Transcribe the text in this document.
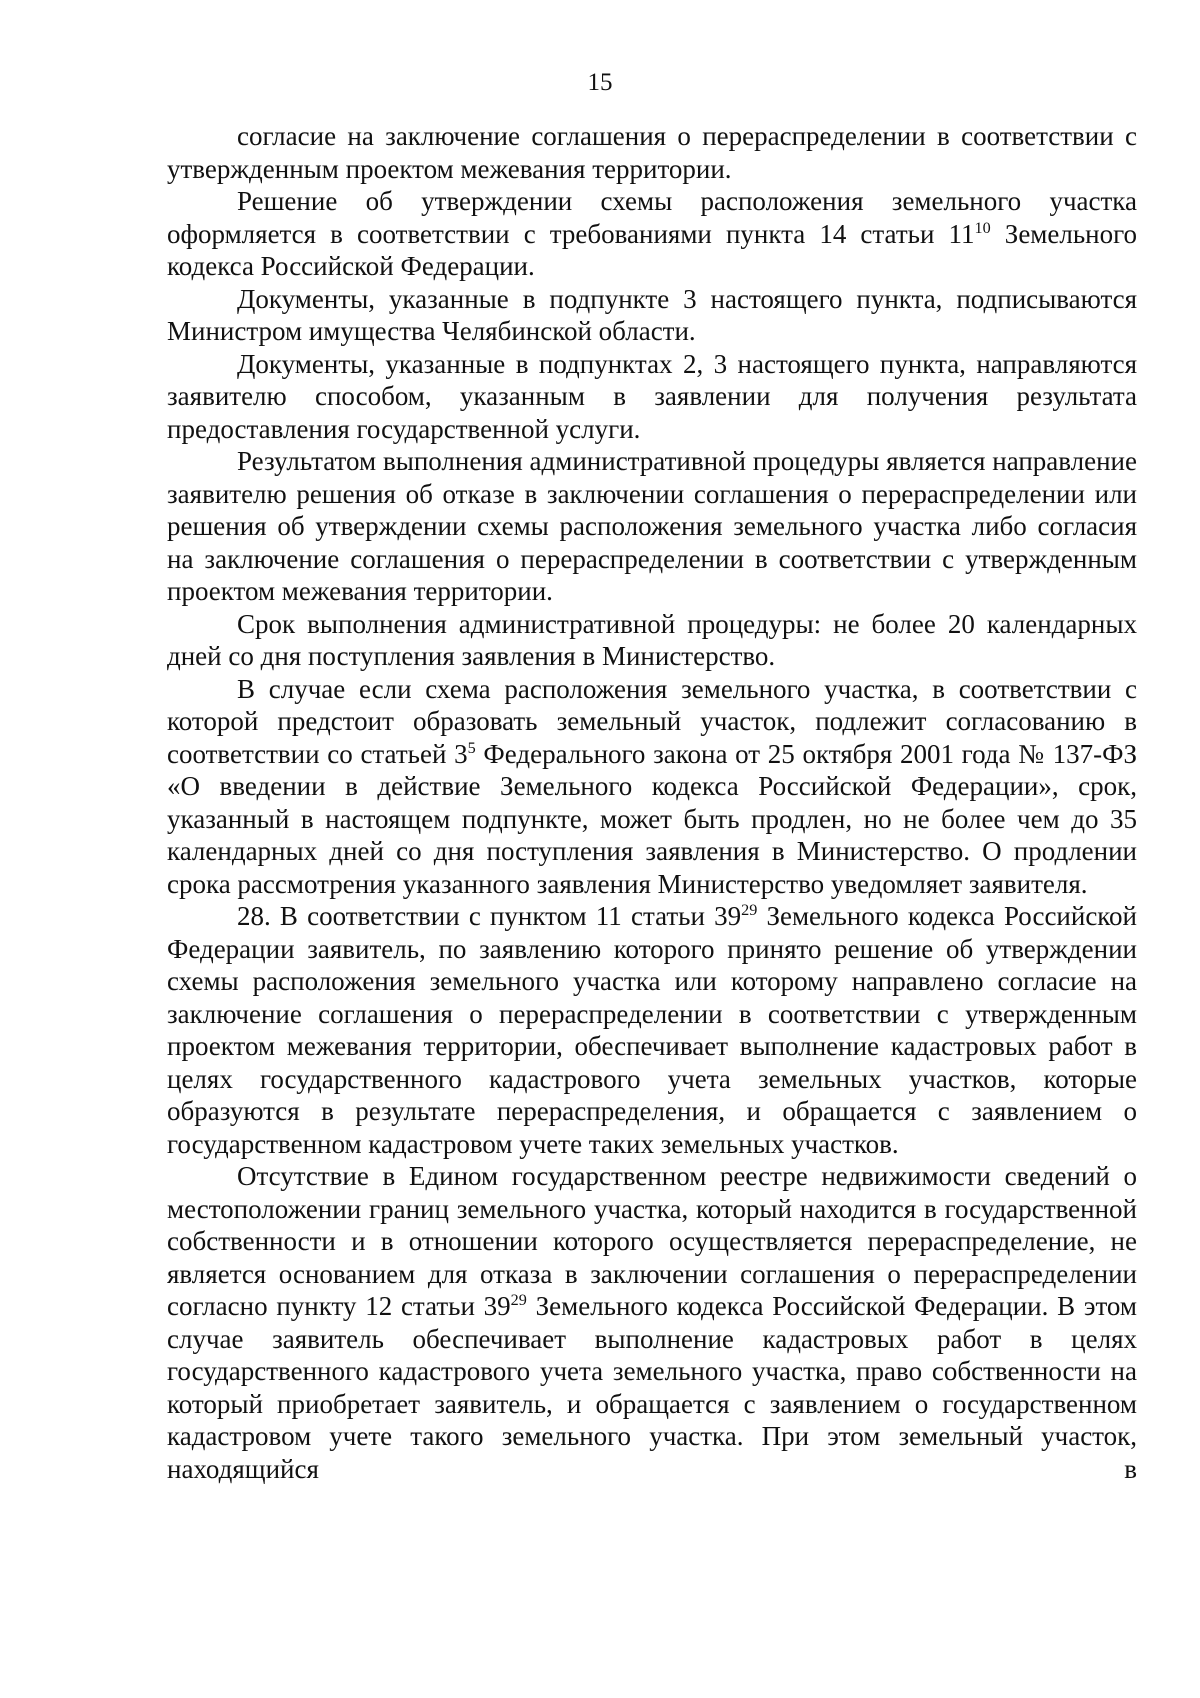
15

согласие на заключение соглашения о перераспределении в соответствии с утвержденным проектом межевания территории.

Решение об утверждении схемы расположения земельного участка оформляется в соответствии с требованиями пункта 14 статьи $11^{10}$ Земельного кодекса Российской Федерации.

Документы, указанные в подпункте 3 настоящего пункта, подписываются Министром имущества Челябинской области.

Документы, указанные в подпунктах 2, 3 настоящего пункта, направляются заявителю способом, указанным в заявлении для получения результата предоставления государственной услуги.

Результатом выполнения административной процедуры является направление заявителю решения об отказе в заключении соглашения о перераспределении или решения об утверждении схемы расположения земельного участка либо согласия на заключение соглашения о перераспределении в соответствии с утвержденным проектом межевания территории.

Срок выполнения административной процедуры: не более 20 календарных дней со дня поступления заявления в Министерство.

В случае если схема расположения земельного участка, в соответствии с которой предстоит образовать земельный участок, подлежит согласованию в соответствии со статьей $3^5$ Федерального закона от 25 октября 2001 года № 137-ФЗ «О введении в действие Земельного кодекса Российской Федерации», срок, указанный в настоящем подпункте, может быть продлен, но не более чем до 35 календарных дней со дня поступления заявления в Министерство. О продлении срока рассмотрения указанного заявления Министерство уведомляет заявителя.

28. В соответствии с пунктом 11 статьи $39^{29}$ Земельного кодекса Российской Федерации заявитель, по заявлению которого принято решение об утверждении схемы расположения земельного участка или которому направлено согласие на заключение соглашения о перераспределении в соответствии с утвержденным проектом межевания территории, обеспечивает выполнение кадастровых работ в целях государственного кадастрового учета земельных участков, которые образуются в результате перераспределения, и обращается с заявлением о государственном кадастровом учете таких земельных участков.

Отсутствие в Едином государственном реестре недвижимости сведений о местоположении границ земельного участка, который находится в государственной собственности и в отношении которого осуществляется перераспределение, не является основанием для отказа в заключении соглашения о перераспределении согласно пункту 12 статьи $39^{29}$ Земельного кодекса Российской Федерации. В этом случае заявитель обеспечивает выполнение кадастровых работ в целях государственного кадастрового учета земельного участка, право собственности на который приобретает заявитель, и обращается с заявлением о государственном кадастровом учете такого земельного участка. При этом земельный участок, находящийся в
